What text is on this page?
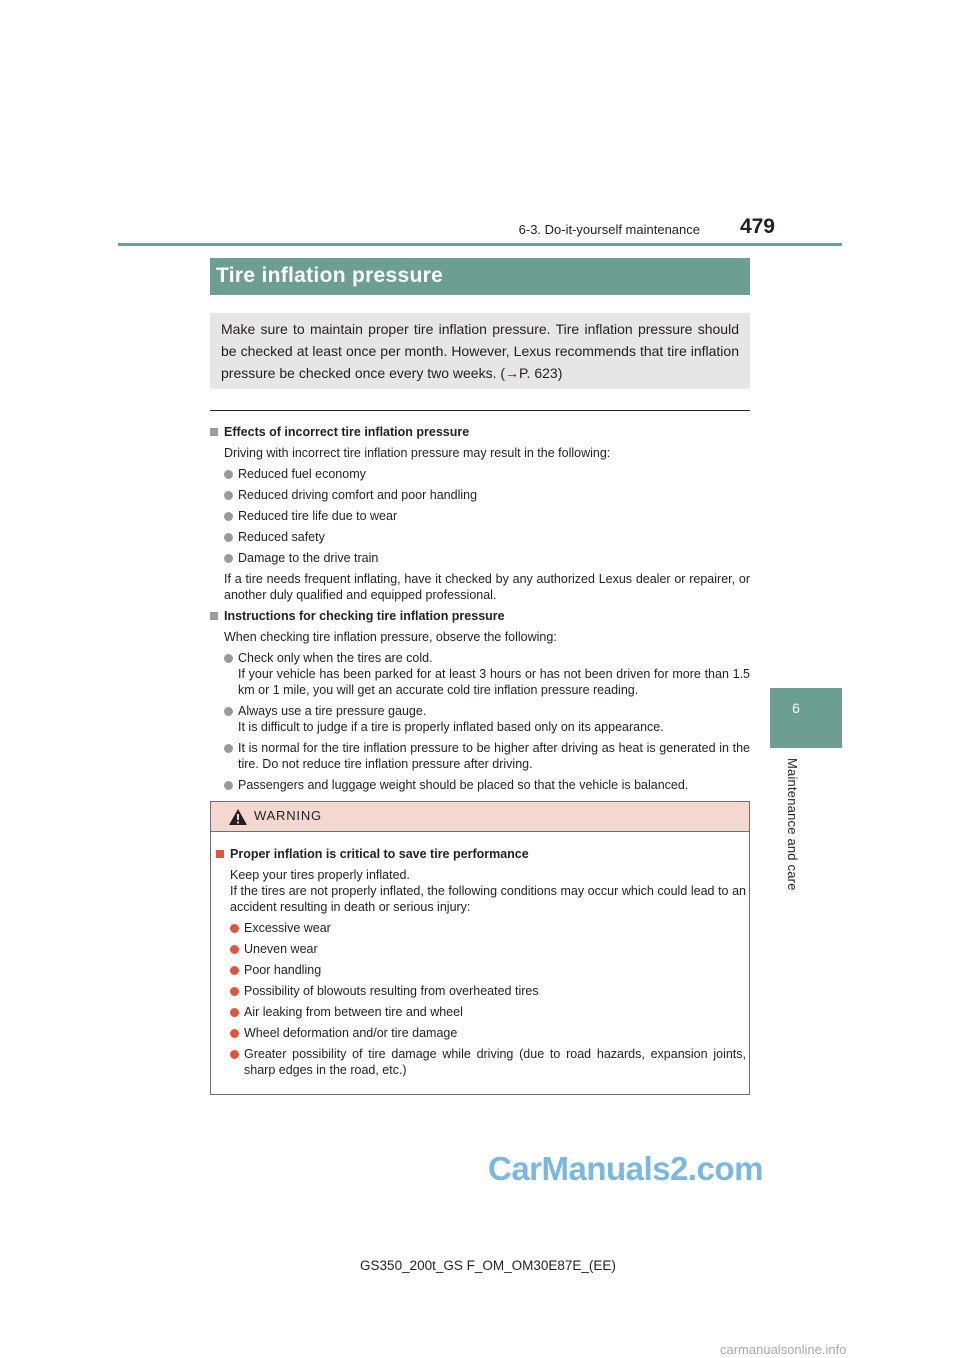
6-3. Do-it-yourself maintenance	479
6
Maintenance and care
Tire inflation pressure
Make sure to maintain proper tire inflation pressure. Tire inflation pressure should be checked at least once per month. However, Lexus recommends that tire inflation pressure be checked once every two weeks. (→P. 623)
Effects of incorrect tire inflation pressure
Driving with incorrect tire inflation pressure may result in the following:
Reduced fuel economy
Reduced driving comfort and poor handling
Reduced tire life due to wear
Reduced safety
Damage to the drive train
If a tire needs frequent inflating, have it checked by any authorized Lexus dealer or repairer, or another duly qualified and equipped professional.
Instructions for checking tire inflation pressure
When checking tire inflation pressure, observe the following:
Check only when the tires are cold.
If your vehicle has been parked for at least 3 hours or has not been driven for more than 1.5 km or 1 mile, you will get an accurate cold tire inflation pressure reading.
Always use a tire pressure gauge.
It is difficult to judge if a tire is properly inflated based only on its appearance.
It is normal for the tire inflation pressure to be higher after driving as heat is generated in the tire. Do not reduce tire inflation pressure after driving.
Passengers and luggage weight should be placed so that the vehicle is balanced.
WARNING
Proper inflation is critical to save tire performance
Keep your tires properly inflated.
If the tires are not properly inflated, the following conditions may occur which could lead to an accident resulting in death or serious injury:
Excessive wear
Uneven wear
Poor handling
Possibility of blowouts resulting from overheated tires
Air leaking from between tire and wheel
Wheel deformation and/or tire damage
Greater possibility of tire damage while driving (due to road hazards, expansion joints, sharp edges in the road, etc.)
CarManuals2.com
GS350_200t_GS F_OM_OM30E87E_(EE)
carmanualsonline.info
